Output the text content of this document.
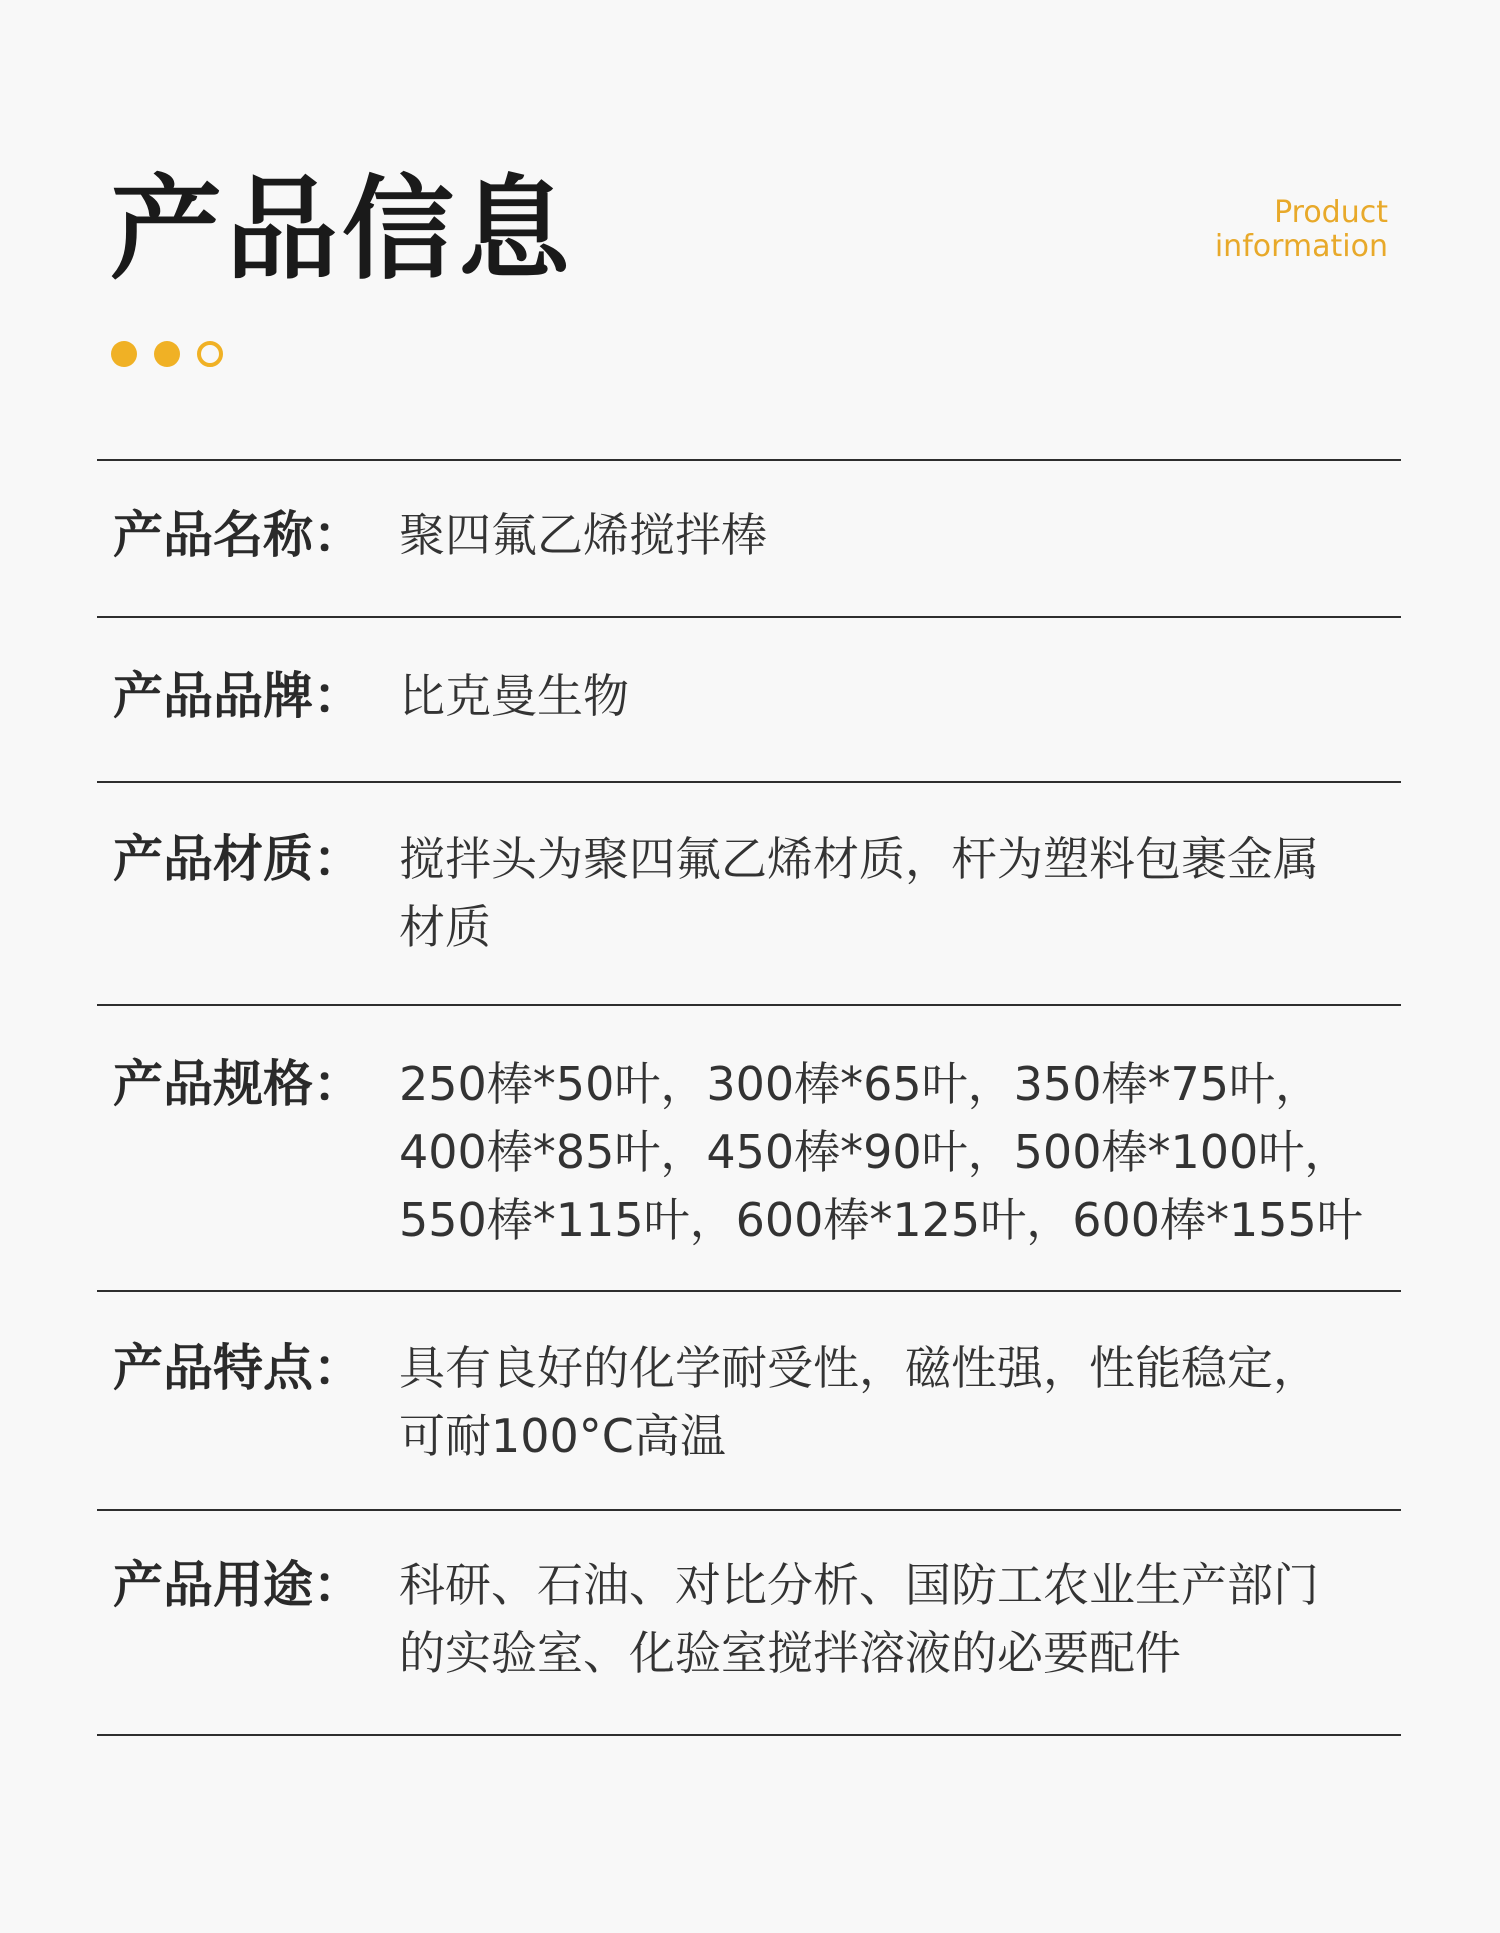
产品信息	Product
information
产品名称： 聚四氟乙烯搅拌棒
产品品牌： 比克曼生物
产品材质： 搅拌头为聚四氟乙烯材质，杆为塑料包裹金属
材质
产品规格： 250棒*50叶，300棒*65叶，350棒*75叶，
400棒*85叶，450棒*90叶，500棒*100叶，
550棒*115叶，600棒*125叶，600棒*155叶
产品特点： 具有良好的化学耐受性，磁性强，性能稳定，
可耐100°C高温
产品用途： 科研、石油、对比分析、国防工农业生产部门
的实验室、化验室搅拌溶液的必要配件
